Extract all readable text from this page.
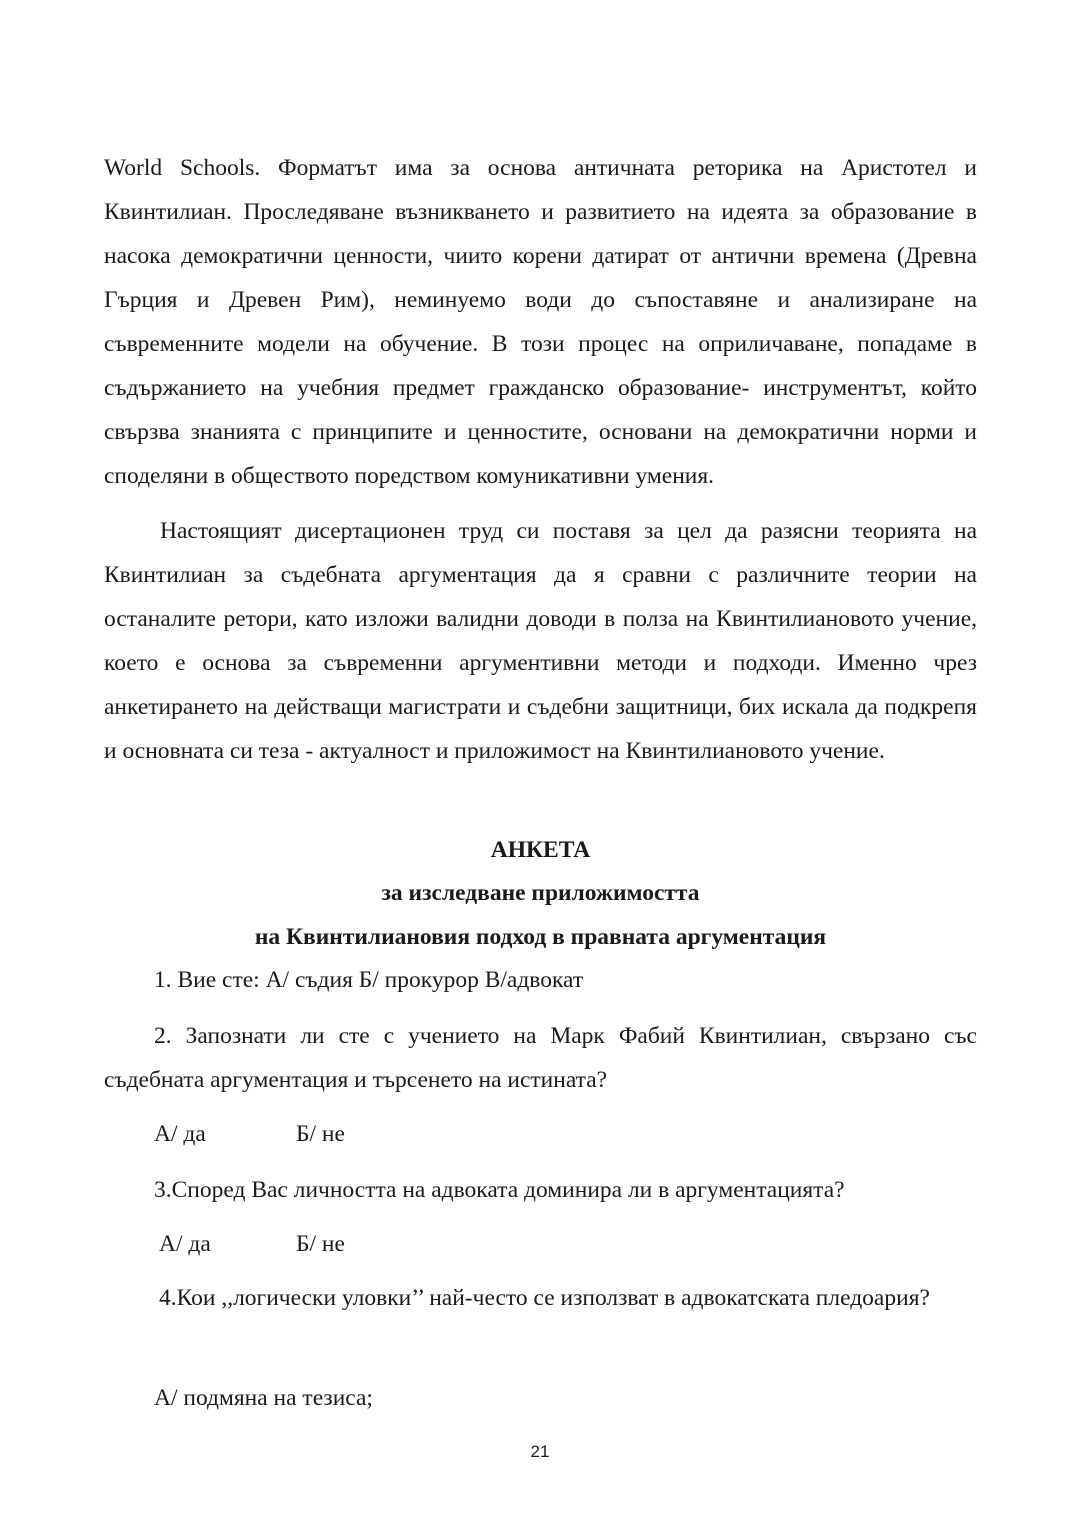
World Schools. Форматът има за основа античната реторика на Аристотел и Квинтилиан. Проследяване възникването и развитието на идеята за образование в насока демократични ценности, чиито корени датират от антични времена (Древна Гърция и Древен Рим), неминуемо води до съпоставяне и анализиране на съвременните модели на обучение. В този процес на оприличаване, попадаме в съдържанието на учебния предмет гражданско образование- инструментът, който свързва знанията с принципите и ценностите, основани на демократични норми и споделяни в обществото поредством комуникативни умения.

Настоящият дисертационен труд си поставя за цел да разясни теорията на Квинтилиан за съдебната аргументация да я сравни с различните теории на останалите ретори, като изложи валидни доводи в полза на Квинтилиановото учение, което е основа за съвременни аргументивни методи и подходи. Именно чрез анкетирането на действащи магистрати и съдебни защитници, бих искала да подкрепя и основната си теза - актуалност и приложимост на Квинтилиановото учение.

АНКЕТА

за изследване приложимостта

на Квинтилиановия подход в правната аргументация

1. Вие сте: А/ съдия Б/ прокурор В/адвокат

2. Запознати ли сте с учението на Марк Фабий Квинтилиан, свързано със съдебната аргументация и търсенето на истината?

А/ да	Б/ не

3.Според Вас личността на адвоката доминира ли в аргументацията?

А/ да	Б/ не

4.Кои ,,логически уловки’’ най-често се използват в адвокатската пледоария?

А/ подмяна на тезиса;

21
